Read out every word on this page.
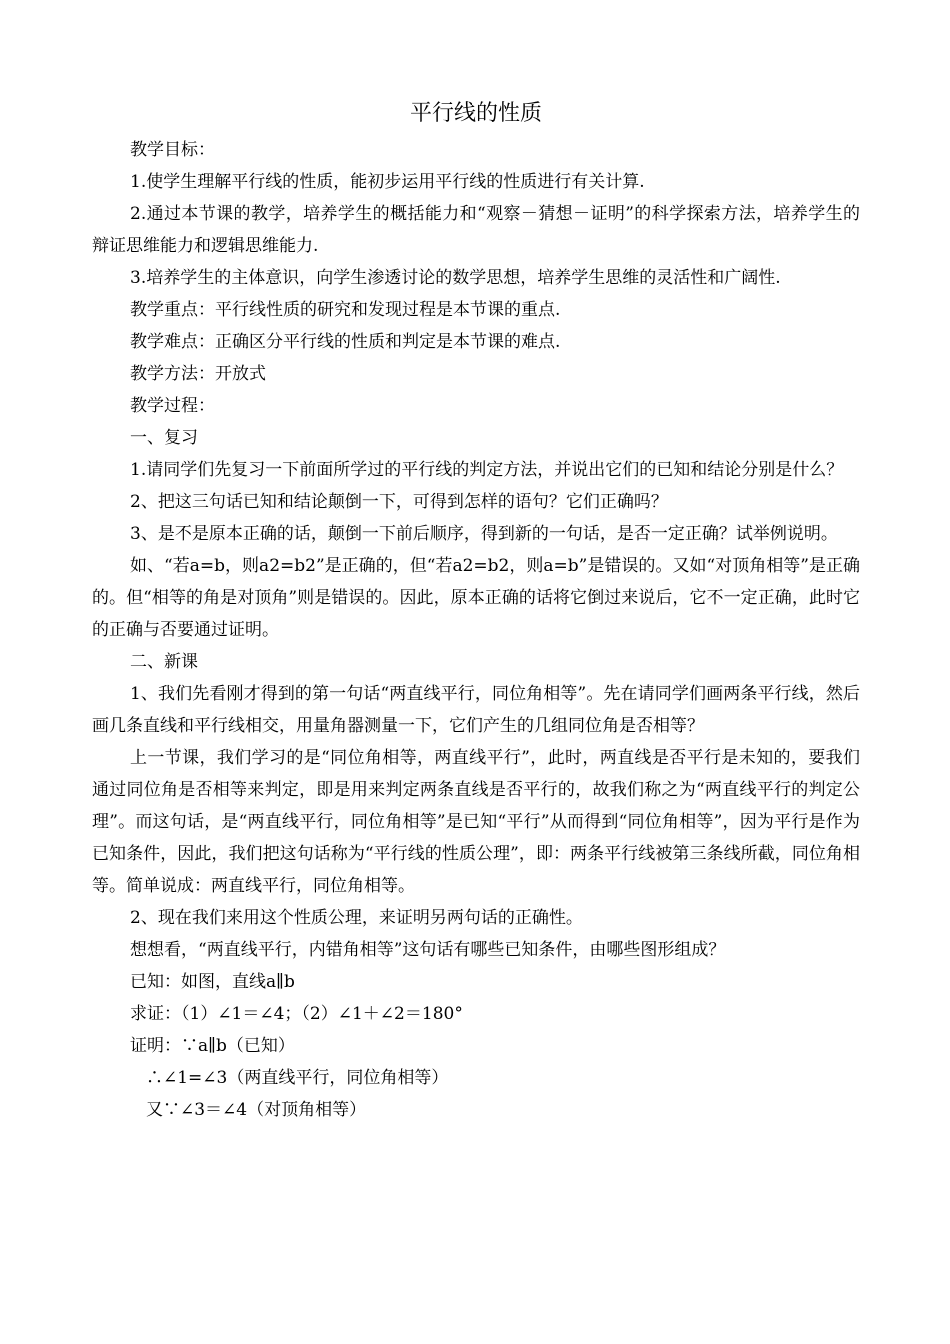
平行线的性质

教学目标：

1.使学生理解平行线的性质，能初步运用平行线的性质进行有关计算.

2.通过本节课的教学，培养学生的概括能力和“观察－猜想－证明”的科学探索方法，培养学生的辩证思维能力和逻辑思维能力.

3.培养学生的主体意识，向学生渗透讨论的数学思想，培养学生思维的灵活性和广阔性.

教学重点：平行线性质的研究和发现过程是本节课的重点.

教学难点：正确区分平行线的性质和判定是本节课的难点.

教学方法：开放式

教学过程：

一、复习

1.请同学们先复习一下前面所学过的平行线的判定方法，并说出它们的已知和结论分别是什么？

2、把这三句话已知和结论颠倒一下，可得到怎样的语句？它们正确吗？

3、是不是原本正确的话，颠倒一下前后顺序，得到新的一句话，是否一定正确？试举例说明。

如、“若a=b，则a2=b2”是正确的，但“若a2=b2，则a=b”是错误的。又如“对顶角相等”是正确的。但“相等的角是对顶角”则是错误的。因此，原本正确的话将它倒过来说后，它不一定正确，此时它的正确与否要通过证明。

二、新课

1、我们先看刚才得到的第一句话“两直线平行，同位角相等”。先在请同学们画两条平行线，然后画几条直线和平行线相交，用量角器测量一下，它们产生的几组同位角是否相等？

上一节课，我们学习的是“同位角相等，两直线平行”，此时，两直线是否平行是未知的，要我们通过同位角是否相等来判定，即是用来判定两条直线是否平行的，故我们称之为“两直线平行的判定公理”。而这句话，是“两直线平行，同位角相等”是已知“平行”从而得到“同位角相等”，因为平行是作为已知条件，因此，我们把这句话称为“平行线的性质公理”，即：两条平行线被第三条线所截，同位角相等。简单说成：两直线平行，同位角相等。

2、现在我们来用这个性质公理，来证明另两句话的正确性。

想想看，“两直线平行，内错角相等”这句话有哪些已知条件，由哪些图形组成？

已知：如图，直线a∥b

求证：（1）∠1＝∠4；（2）∠1＋∠2＝180°

证明：∵a∥b（已知）

∴∠1=∠3（两直线平行，同位角相等）

又∵∠3＝∠4（对顶角相等）
